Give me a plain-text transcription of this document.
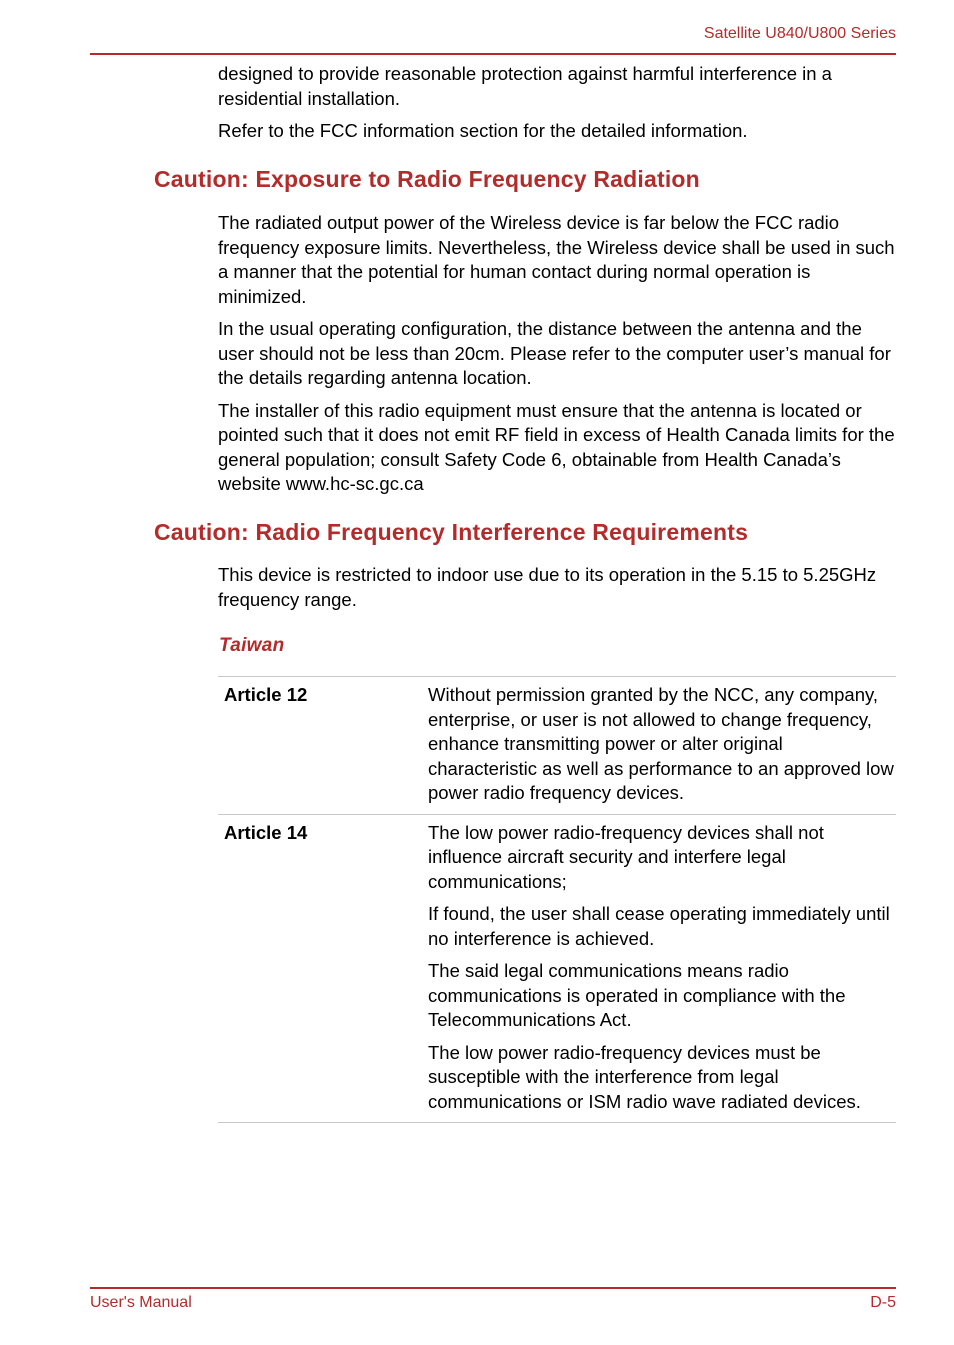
Satellite U840/U800 Series

designed to provide reasonable protection against harmful interference in a residential installation.

Refer to the FCC information section for the detailed information.

Caution: Exposure to Radio Frequency Radiation

The radiated output power of the Wireless device is far below the FCC radio frequency exposure limits. Nevertheless, the Wireless device shall be used in such a manner that the potential for human contact during normal operation is minimized.

In the usual operating configuration, the distance between the antenna and the user should not be less than 20cm. Please refer to the computer user’s manual for the details regarding antenna location.

The installer of this radio equipment must ensure that the antenna is located or pointed such that it does not emit RF field in excess of Health Canada limits for the general population; consult Safety Code 6, obtainable from Health Canada’s website www.hc-sc.gc.ca

Caution: Radio Frequency Interference Requirements

This device is restricted to indoor use due to its operation in the 5.15 to 5.25GHz frequency range.

Taiwan
Article 12	Without permission granted by the NCC, any company, enterprise, or user is not allowed to change frequency, enhance transmitting power or alter original characteristic as well as performance to an approved low power radio frequency devices.

Article 14	The low power radio-frequency devices shall not influence aircraft security and interfere legal communications;

If found, the user shall cease operating immediately until no interference is achieved.

The said legal communications means radio communications is operated in compliance with the Telecommunications Act.

The low power radio-frequency devices must be susceptible with the interference from legal communications or ISM radio wave radiated devices.

User's Manual	D-5
